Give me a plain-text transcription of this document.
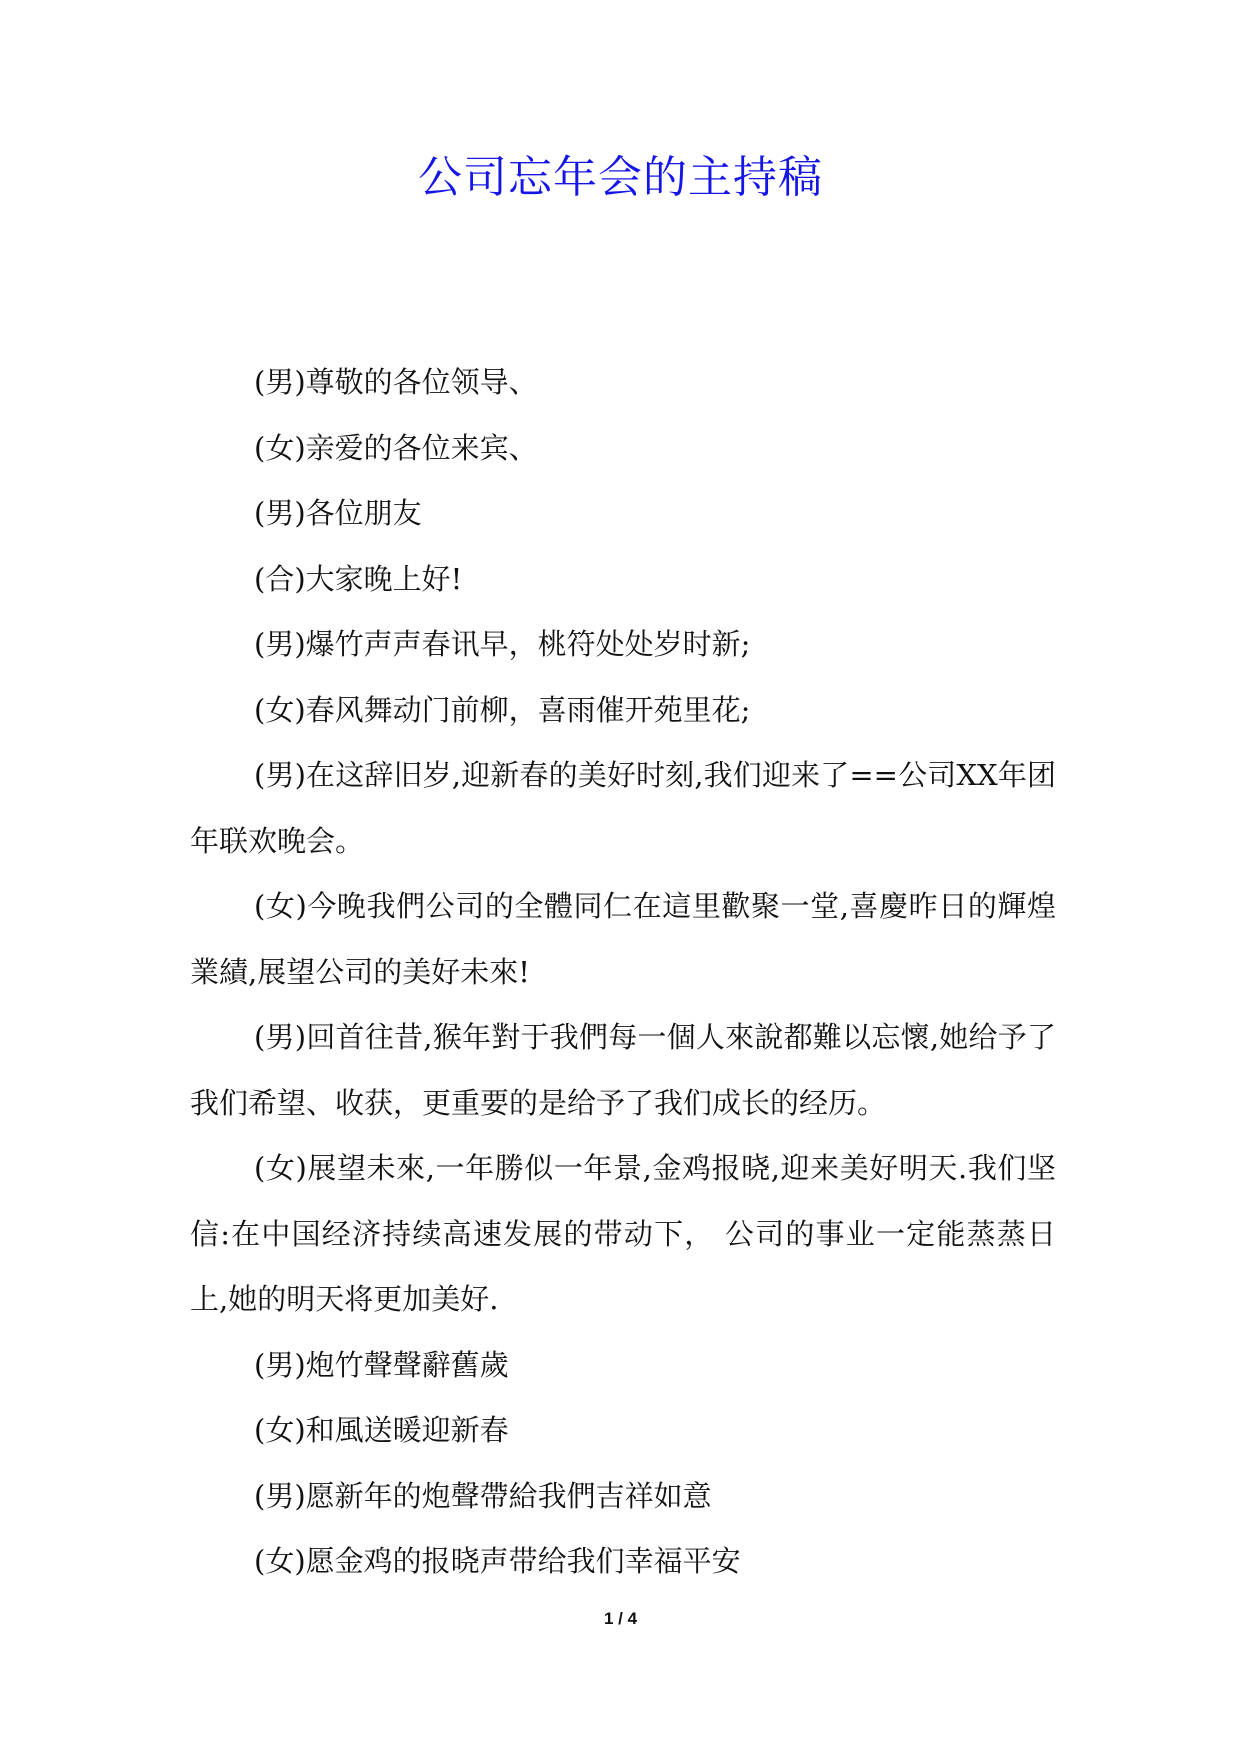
公司忘年会的主持稿

(男)尊敬的各位领导、

(女)亲爱的各位来宾、

(男)各位朋友

(合)大家晚上好!

(男)爆竹声声春讯早，桃符处处岁时新;

(女)春风舞动门前柳，喜雨催开苑里花;

(男)在这辞旧岁,迎新春的美好时刻,我们迎来了==公司XX年团年联欢晚会。

(女)今晚我們公司的全體同仁在這里歡聚一堂,喜慶昨日的輝煌業績,展望公司的美好未來!

(男)回首往昔,猴年對于我們每一個人來說都難以忘懷,她给予了我们希望、收获，更重要的是给予了我们成长的经历。

(女)展望未來,一年勝似一年景,金鸡报晓,迎来美好明天.我们坚信:在中国经济持续高速发展的带动下， 公司的事业一定能蒸蒸日上,她的明天将更加美好.

(男)炮竹聲聲辭舊歲

(女)和風送暖迎新春

(男)愿新年的炮聲帶給我們吉祥如意

(女)愿金鸡的报晓声带给我们幸福平安

1 / 4
